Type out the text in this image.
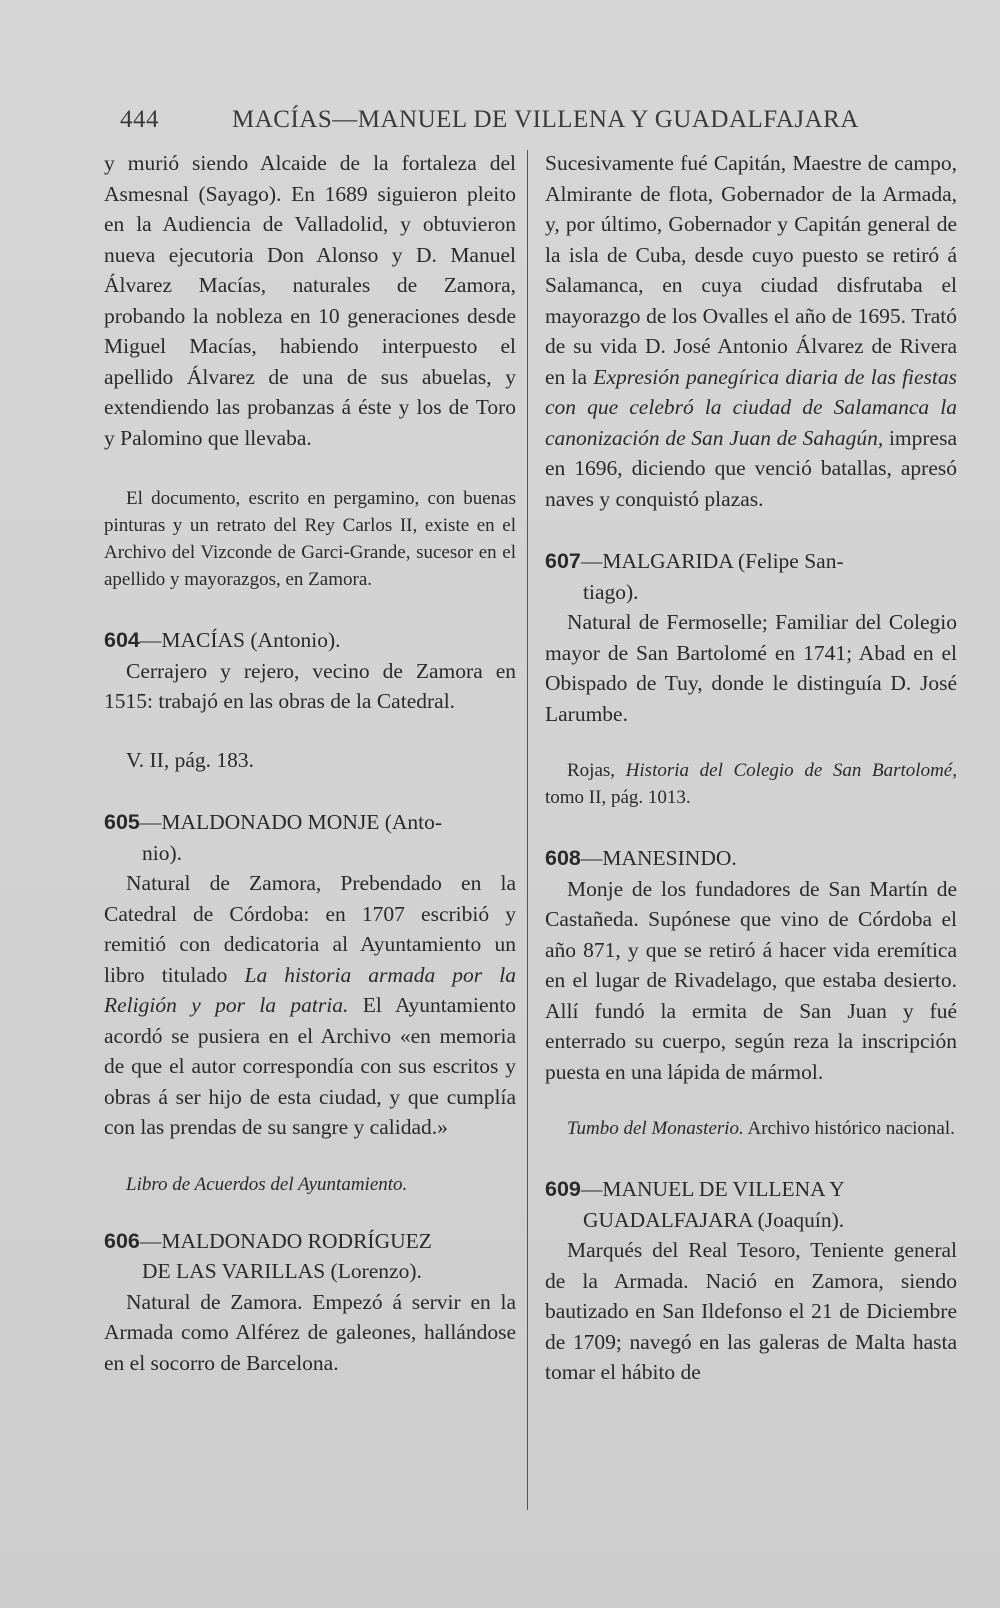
444	MACÍAS—MANUEL DE VILLENA Y GUADALFAJARA

y murió siendo Alcaide de la fortaleza del Asmesnal (Sayago). En 1689 siguieron pleito en la Audiencia de Valladolid, y obtuvieron nueva ejecutoria Don Alonso y D. Manuel Álvarez Macías, naturales de Zamora, probando la nobleza en 10 generaciones desde Miguel Macías, habiendo interpuesto el apellido Álvarez de una de sus abuelas, y extendiendo las probanzas á éste y los de Toro y Palomino que llevaba.

El documento, escrito en pergamino, con buenas pinturas y un retrato del Rey Carlos II, existe en el Archivo del Vizconde de Garci-Grande, sucesor en el apellido y mayorazgos, en Zamora.

604—MACÍAS (Antonio).

Cerrajero y rejero, vecino de Zamora en 1515: trabajó en las obras de la Catedral.

V. II, pág. 183.

605—MALDONADO MONJE (Anto-
nio).

Natural de Zamora, Prebendado en la Catedral de Córdoba: en 1707 escribió y remitió con dedicatoria al Ayuntamiento un libro titulado La historia armada por la Religión y por la patria. El Ayuntamiento acordó se pusiera en el Archivo «en memoria de que el autor correspondía con sus escritos y obras á ser hijo de esta ciudad, y que cumplía con las prendas de su sangre y calidad.»

Libro de Acuerdos del Ayuntamiento.

606—MALDONADO RODRÍGUEZ
DE LAS VARILLAS (Lorenzo).

Natural de Zamora. Empezó á servir en la Armada como Alférez de galeones, hallándose en el socorro de Barcelona.

Sucesivamente fué Capitán, Maestre de campo, Almirante de flota, Gobernador de la Armada, y, por último, Gobernador y Capitán general de la isla de Cuba, desde cuyo puesto se retiró á Salamanca, en cuya ciudad disfrutaba el mayorazgo de los Ovalles el año de 1695. Trató de su vida D. José Antonio Álvarez de Rivera en la Expresión panegírica diaria de las fiestas con que celebró la ciudad de Salamanca la canonización de San Juan de Sahagún, impresa en 1696, diciendo que venció batallas, apresó naves y conquistó plazas.

607—MALGARIDA (Felipe San-
tiago).

Natural de Fermoselle; Familiar del Colegio mayor de San Bartolomé en 1741; Abad en el Obispado de Tuy, donde le distinguía D. José Larumbe.

Rojas, Historia del Colegio de San Bartolomé, tomo II, pág. 1013.

608—MANESINDO.

Monje de los fundadores de San Martín de Castañeda. Supónese que vino de Córdoba el año 871, y que se retiró á hacer vida eremítica en el lugar de Rivadelago, que estaba desierto. Allí fundó la ermita de San Juan y fué enterrado su cuerpo, según reza la inscripción puesta en una lápida de mármol.

Tumbo del Monasterio. Archivo histórico nacional.

609—MANUEL DE VILLENA Y
GUADALFAJARA (Joaquín).

Marqués del Real Tesoro, Teniente general de la Armada. Nació en Zamora, siendo bautizado en San Ildefonso el 21 de Diciembre de 1709; navegó en las galeras de Malta hasta tomar el hábito de
